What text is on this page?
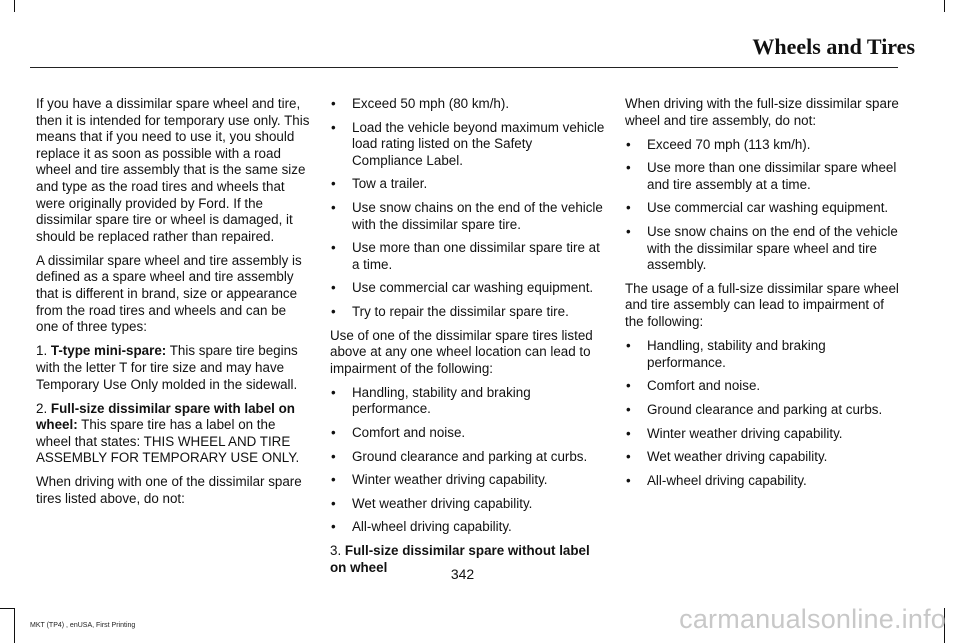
Wheels and Tires

If you have a dissimilar spare wheel and tire, then it is intended for temporary use only. This means that if you need to use it, you should replace it as soon as possible with a road wheel and tire assembly that is the same size and type as the road tires and wheels that were originally provided by Ford. If the dissimilar spare tire or wheel is damaged, it should be replaced rather than repaired.

A dissimilar spare wheel and tire assembly is defined as a spare wheel and tire assembly that is different in brand, size or appearance from the road tires and wheels and can be one of three types:

1. T-type mini-spare: This spare tire begins with the letter T for tire size and may have Temporary Use Only molded in the sidewall.

2. Full-size dissimilar spare with label on wheel: This spare tire has a label on the wheel that states: THIS WHEEL AND TIRE ASSEMBLY FOR TEMPORARY USE ONLY.

When driving with one of the dissimilar spare tires listed above, do not:

• Exceed 50 mph (80 km/h).
• Load the vehicle beyond maximum vehicle load rating listed on the Safety Compliance Label.
• Tow a trailer.
• Use snow chains on the end of the vehicle with the dissimilar spare tire.
• Use more than one dissimilar spare tire at a time.
• Use commercial car washing equipment.
• Try to repair the dissimilar spare tire.

Use of one of the dissimilar spare tires listed above at any one wheel location can lead to impairment of the following:

• Handling, stability and braking performance.
• Comfort and noise.
• Ground clearance and parking at curbs.
• Winter weather driving capability.
• Wet weather driving capability.
• All-wheel driving capability.

3. Full-size dissimilar spare without label on wheel

When driving with the full-size dissimilar spare wheel and tire assembly, do not:

• Exceed 70 mph (113 km/h).
• Use more than one dissimilar spare wheel and tire assembly at a time.
• Use commercial car washing equipment.
• Use snow chains on the end of the vehicle with the dissimilar spare wheel and tire assembly.

The usage of a full-size dissimilar spare wheel and tire assembly can lead to impairment of the following:

• Handling, stability and braking performance.
• Comfort and noise.
• Ground clearance and parking at curbs.
• Winter weather driving capability.
• Wet weather driving capability.
• All-wheel driving capability.
342
MKT (TP4) , enUSA, First Printing	carmanualsonline.info
